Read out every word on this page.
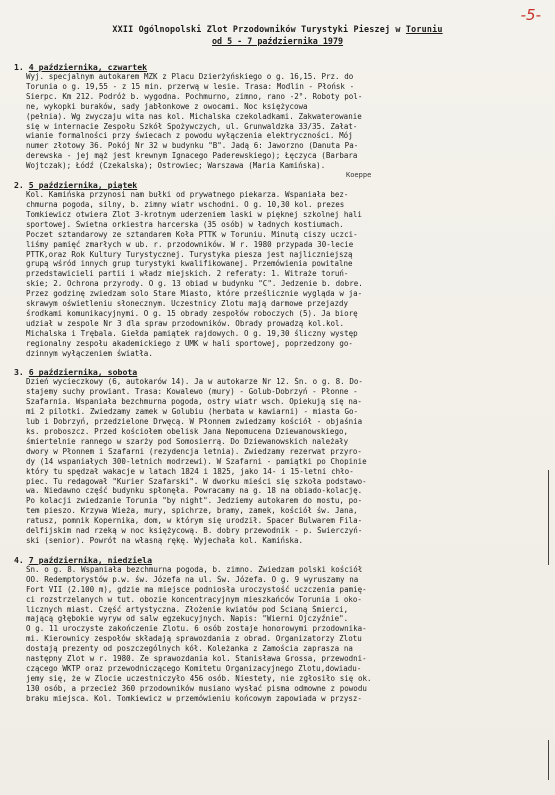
-5-
XXII Ogólnopolski Zlot Przodowników Turystyki Pieszej w Toruniu
od 5 - 7 października 1979
Koeppe
1. 4 października, czwartek
Wyj. specjalnym autokarem MZK z Placu Dzierżyńskiego o g. 16,15. Prz. do
Torunia o g. 19,55 - z 15 min. przerwą w lesie. Trasa: Modlin - Płońsk -
Sierpc. Km 212. Podróż b. wygodna. Pochmurno, zimno, rano -2°. Roboty pol-
ne, wykopki buraków, sady jabłonkowe z owocami. Noc księżycowa
(pełnia). Wg zwyczaju wita nas kol. Michalska czekoladkami. Zakwaterowanie
się w internacie Zespołu Szkół Spożywczych, ul. Grunwaldzka 33/35. Załat-
wianie formalności przy świecach z powodu wyłączenia elektryczności. Mój
numer złotowy 36. Pokój Nr 32 w budynku "B". Jadą 6: Jaworzno (Danuta Pa-
derewska - jej mąż jest krewnym Ignacego Paderewskiego); Łęczyca (Barbara
Wojtczak); Łódź (Czekalska); Ostrowiec; Warszawa (Maria Kamińska).
2. 5 października, piątek
Kol. Kamińska przynosi nam bułki od prywatnego piekarza. Wspaniała bez-
chmurna pogoda, silny, b. zimny wiatr wschodni. O g. 10,30 kol. prezes
Tomkiewicz otwiera Zlot 3-krotnym uderzeniem laski w pięknej szkolnej hali
sportowej. Świetna orkiestra harcerska (35 osób) w ładnych kostiumach.
Poczet sztandarowy ze sztandarem Koła PTTK w Toruniu. Minutą ciszy uczci-
liśmy pamięć zmarłych w ub. r. przodowników. W r. 1980 przypada 30-lecie
PTTK,oraz Rok Kultury Turystycznej. Turystyka piesza jest najliczniejszą
grupą wśród innych grup turystyki kwalifikowanej. Przemówienia powitalne
przedstawicieli partii i władz miejskich. 2 referaty: 1. Witraże toruń-
skie; 2. Ochrona przyrody. O g. 13 obiad w budynku "C". Jedzenie b. dobre.
Przez godzinę zwiedzam solo Stare Miasto, które prześlicznie wygląda w ja-
skrawym oświetleniu słonecznym. Uczestnicy Zlotu mają darmowe przejazdy
środkami komunikacyjnymi. O g. 15 obrady zespołów roboczych (5). Ja biorę
udział w zespole Nr 3 dla spraw przodowników. Obrady prowadzą kol.kol.
Michalska i Trębala. Giełda pamiątek rajdowych. O g. 19,30 śliczny występ
regionalny zespołu akademickiego z UMK w hali sportowej, poprzedzony go-
dzinnym wyłączeniem światła.
3. 6 października, sobota
Dzień wycieczkowy (6, autokarów 14). Ja w autokarze Nr 12. Śn. o g. 8. Do-
stajemy suchy prowiant. Trasa: Kowalewo (mury) - Golub-Dobrzyń - Płonne -
Szafarnia. Wspaniała bezchmurna pogoda, ostry wiatr wsch. Opiekują się na-
mi 2 pilotki. Zwiedzamy zamek w Golubiu (herbata w kawiarni) - miasta Go-
lub i Dobrzyń, przedzielone Drwęcą. W Płonnem zwiedzamy kościół - objaśnia
ks. proboszcz. Przed kościołem obelisk Jana Nepomucena Dziewanowskiego,
śmiertelnie rannego w szarży pod Somosierrą. Do Dziewanowskich należały
dwory w Płonnem i Szafarni (rezydencja letnia). Zwiedzamy rezerwat przyro-
dy (14 wspaniałych 300-letnich modrzewi). W Szafarni - pamiątki po Chopinie
który tu spędzał wakacje w latach 1824 i 1825, jako 14- i 15-letni chło-
piec. Tu redagował "Kurier Szafarski". W dworku mieści się szkoła podstawo-
wa. Niedawno część budynku spłonęła. Powracamy na g. 18 na obiado-kolację.
Po kolacji zwiedzanie Torunia "by night". Jedziemy autokarem do mostu, po-
tem pieszo. Krzywa Wieża, mury, spichrze, bramy, zamek, kościół św. Jana,
ratusz, pomnik Kopernika, dom, w którym się urodził. Spacer Bulwarem Fila-
delfijskim nad rzeką w noc księżycową. B. dobry przewodnik - p. Świerczyń-
ski (senior). Powrót na własną rękę. Wyjechała kol. Kamińska.
4. 7 października, niedziela
Śn. o g. 8. Wspaniała bezchmurna pogoda, b. zimno. Zwiedzam polski kościół
OO. Redemptorystów p.w. św. Józefa na ul. Św. Józefa. O g. 9 wyruszamy na
Fort VII (2.100 m), gdzie ma miejsce podniosła uroczystość uczczenia pamię-
ci rozstrzelanych w tut. obozie koncentracyjnym mieszkańców Torunia i oko-
licznych miast. Część artystyczna. Złożenie kwiatów pod Ścianą Śmierci,
mającą głębokie wyryw od salw egzekucyjnych. Napis: "Wierni Ojczyźnie".
O g. 11 uroczyste zakończenie Zlotu. 6 osób zostaje honorowymi przodownika-
mi. Kierownicy zespołów składają sprawozdania z obrad. Organizatorzy Zlotu
dostają prezenty od poszczególnych kół. Koleżanka z Zamościa zaprasza na
następny Zlot w r. 1980. Ze sprawozdania kol. Stanisława Grossa, przewodni-
czącego WKTP oraz przewodniczącego Komitetu Organizacyjnego Zlotu,dowiadu-
jemy się, że w Zlocie uczestniczyło 456 osób. Niestety, nie zgłosiło się ok.
130 osób, a przecież 360 przodowników musiano wysłać pisma odmowne z powodu
braku miejsca. Kol. Tomkiewicz w przemówieniu końcowym zapowiada w przysz-
